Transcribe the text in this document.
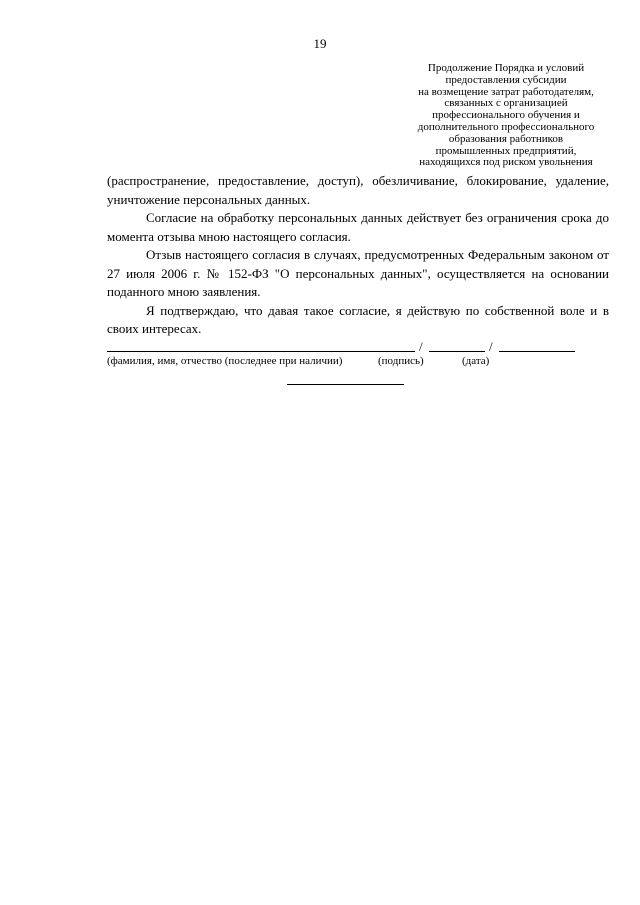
19
Продолжение Порядка и условий
предоставления субсидии
на возмещение затрат работодателям,
связанных с организацией
профессионального обучения и
дополнительного профессионального
образования работников
промышленных предприятий,
находящихся под риском увольнения

(распространение, предоставление, доступ), обезличивание, блокирование, удаление, уничтожение персональных данных.

Согласие на обработку персональных данных действует без ограничения срока до момента отзыва мною настоящего согласия.

Отзыв настоящего согласия в случаях, предусмотренных Федеральным законом от 27 июля 2006 г. № 152-ФЗ "О персональных данных", осуществляется на основании поданного мною заявления.

Я подтверждаю, что давая такое согласие, я действую по собственной воле и в своих интересах.

/	/
(фамилия, имя, отчество (последнее при наличии)	(подпись)	(дата)
